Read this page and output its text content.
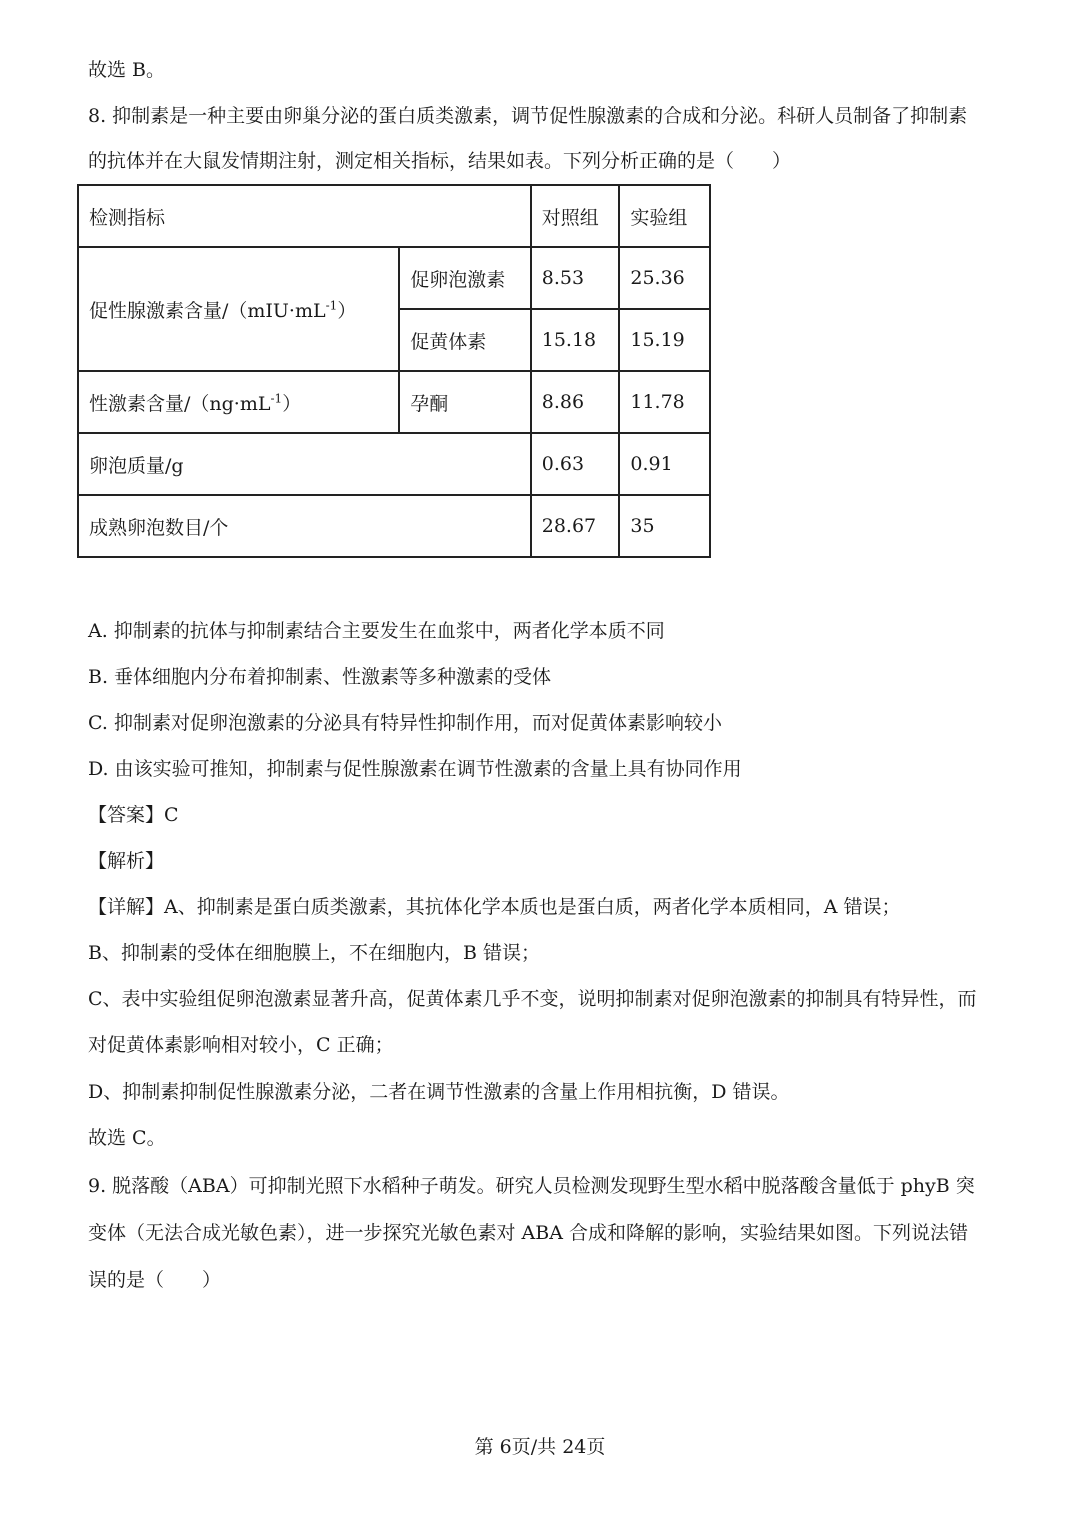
故选 B。
8. 抑制素是一种主要由卵巢分泌的蛋白质类激素，调节促性腺激素的合成和分泌。科研人员制备了抑制素
的抗体并在大鼠发情期注射，测定相关指标，结果如表。下列分析正确的是（　　）
检测指标		对照组	实验组
促性腺激素含量$/(mIU\cdot mL^{-1})$	促卵泡激素	8.53	25.36
	促黄体素	15.18	15.19
性激素含量$/(ng\cdot mL^{-1})$	孕酮	8.86	11.78
卵泡质量/g		0.63	0.91
成熟卵泡数目/个		28.67	35
A. 抑制素的抗体与抑制素结合主要发生在血浆中，两者化学本质不同
B. 垂体细胞内分布着抑制素、性激素等多种激素的受体
C. 抑制素对促卵泡激素的分泌具有特异性抑制作用，而对促黄体素影响较小
D. 由该实验可推知，抑制素与促性腺激素在调节性激素的含量上具有协同作用
【答案】C
【解析】
【详解】A、抑制素是蛋白质类激素，其抗体化学本质也是蛋白质，两者化学本质相同，A 错误；
B、抑制素的受体在细胞膜上，不在细胞内，B 错误；
C、表中实验组促卵泡激素显著升高，促黄体素几乎不变，说明抑制素对促卵泡激素的抑制具有特异性，而
对促黄体素影响相对较小，C 正确；
D、抑制素抑制促性腺激素分泌，二者在调节性激素的含量上作用相抗衡，D 错误。
故选 C。
9. 脱落酸（ABA）可抑制光照下水稻种子萌发。研究人员检测发现野生型水稻中脱落酸含量低于 phyB 突
变体（无法合成光敏色素），进一步探究光敏色素对 ABA 合成和降解的影响，实验结果如图。下列说法错
误的是（　　）
第 6页/共 24页
